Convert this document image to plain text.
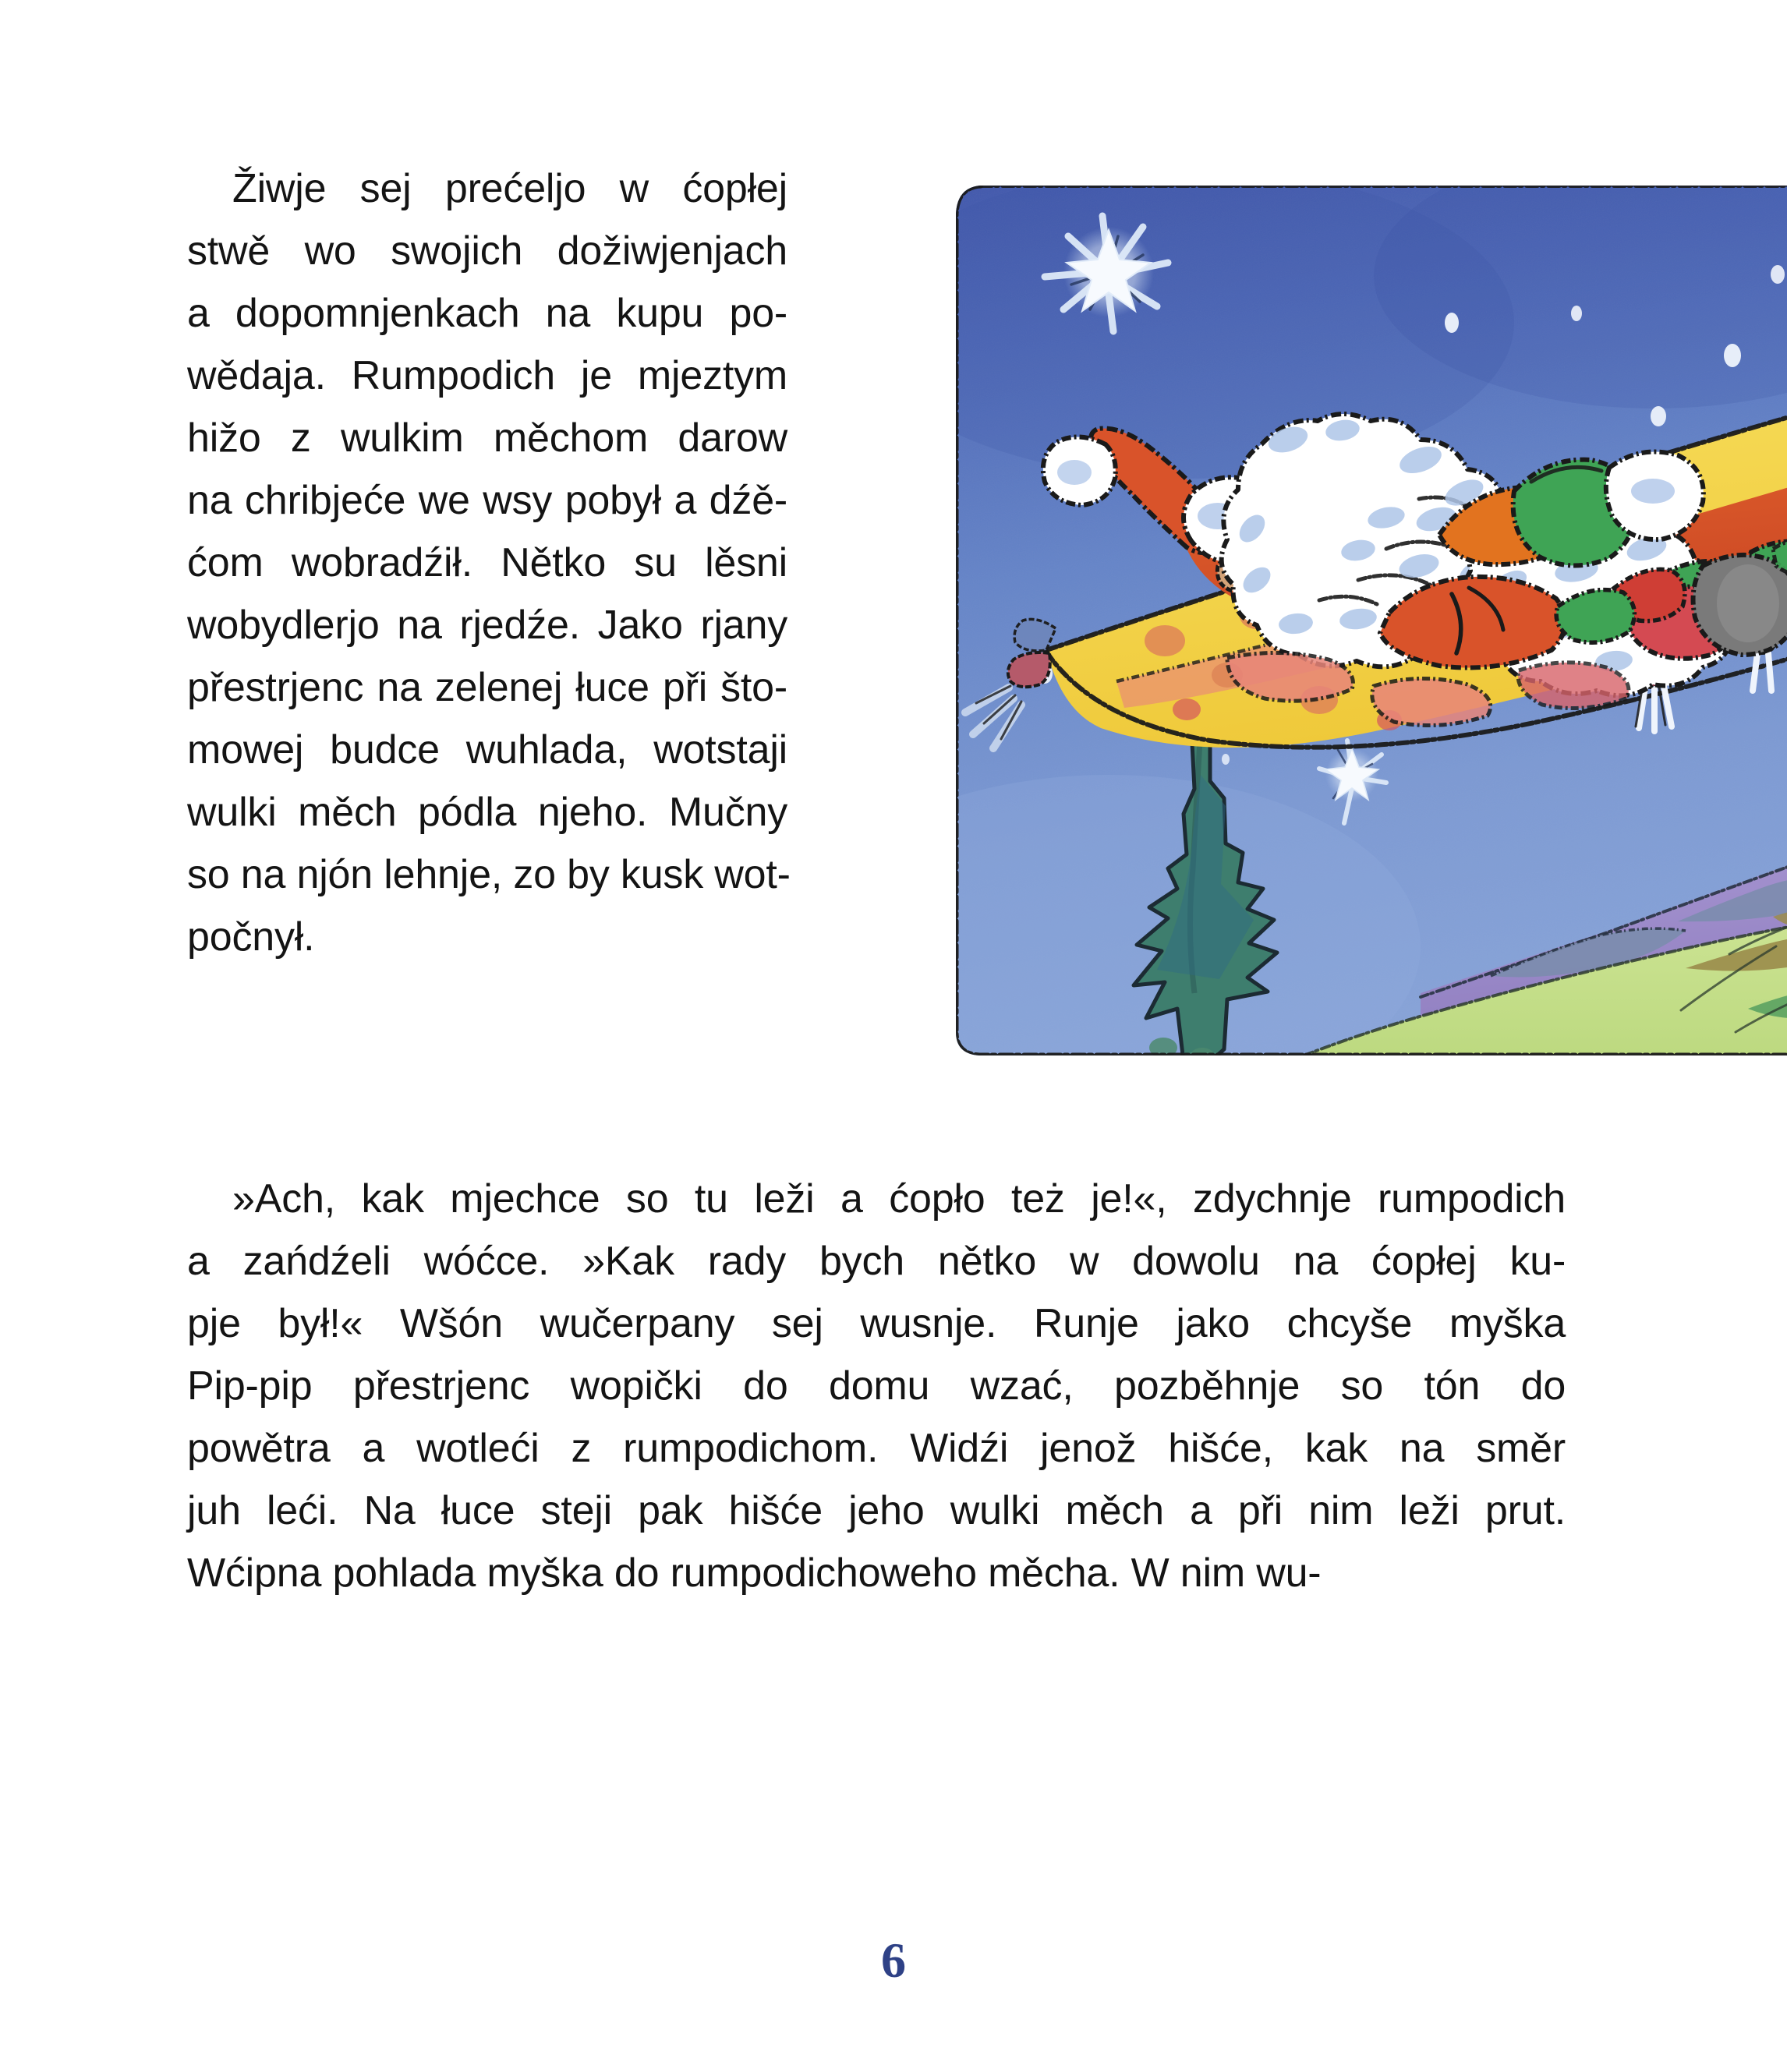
Žiwje sej prećeljo w ćopłej
stwě wo swojich dožiwjenjach
a dopomnjenkach na kupu po-
wědaja. Rumpodich je mjeztym
hižo z wulkim měchom darow
na chribjeće we wsy pobył a dźě-
ćom wobradźił. Nětko su lěsni
wobydlerjo na rjedźe. Jako rjany
přestrjenc na zelenej łuce při što-
mowej budce wuhlada, wotstaji
wulki měch pódla njeho. Mučny
so na njón lehnje, zo by kusk wot-
počnył.
»Ach, kak mjechce so tu leži a ćopło też je!«, zdychnje rumpodich
a zańdźeli wóćce. »Kak rady bych nětko w dowolu na ćopłej ku-
pje był!« Wšón wučerpany sej wusnje. Runje jako chcyše myška
Pip-pip přestrjenc wopički do domu wzać, pozběhnje so tón do
powětra a wotleći z rumpodichom. Widźi jenož hišće, kak na směr
juh leći. Na łuce steji pak hišće jeho wulki měch a při nim leži prut.
Wćipna pohlada myška do rumpodichoweho měcha. W nim wu-
6
